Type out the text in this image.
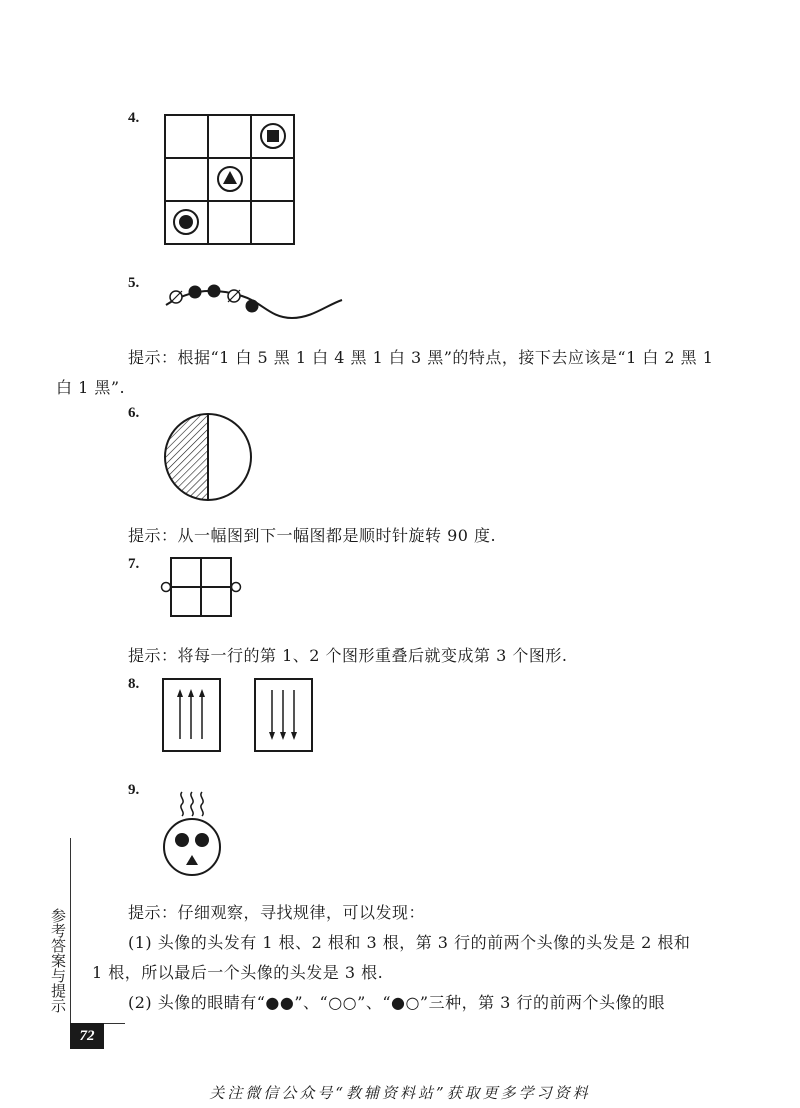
4.
5.

提示：根据“1 白 5 黑 1 白 4 黑 1 白 3 黑”的特点，接下去应该是“1 白 2 黑 1

白 1 黑”.
6.

提示：从一幅图到下一幅图都是顺时针旋转 90 度.

7.

提示：将每一行的第 1、2 个图形重叠后就变成第 3 个图形.

8.
9.

提示：仔细观察，寻找规律，可以发现：

(1) 头像的头发有 1 根、2 根和 3 根，第 3 行的前两个头像的头发是 2 根和

1 根，所以最后一个头像的头发是 3 根.

(2) 头像的眼睛有“●●”、“○○”、“●○”三种，第 3 行的前两个头像的眼

参考答案与提示
72
关注微信公众号“教辅资料站”获取更多学习资料
